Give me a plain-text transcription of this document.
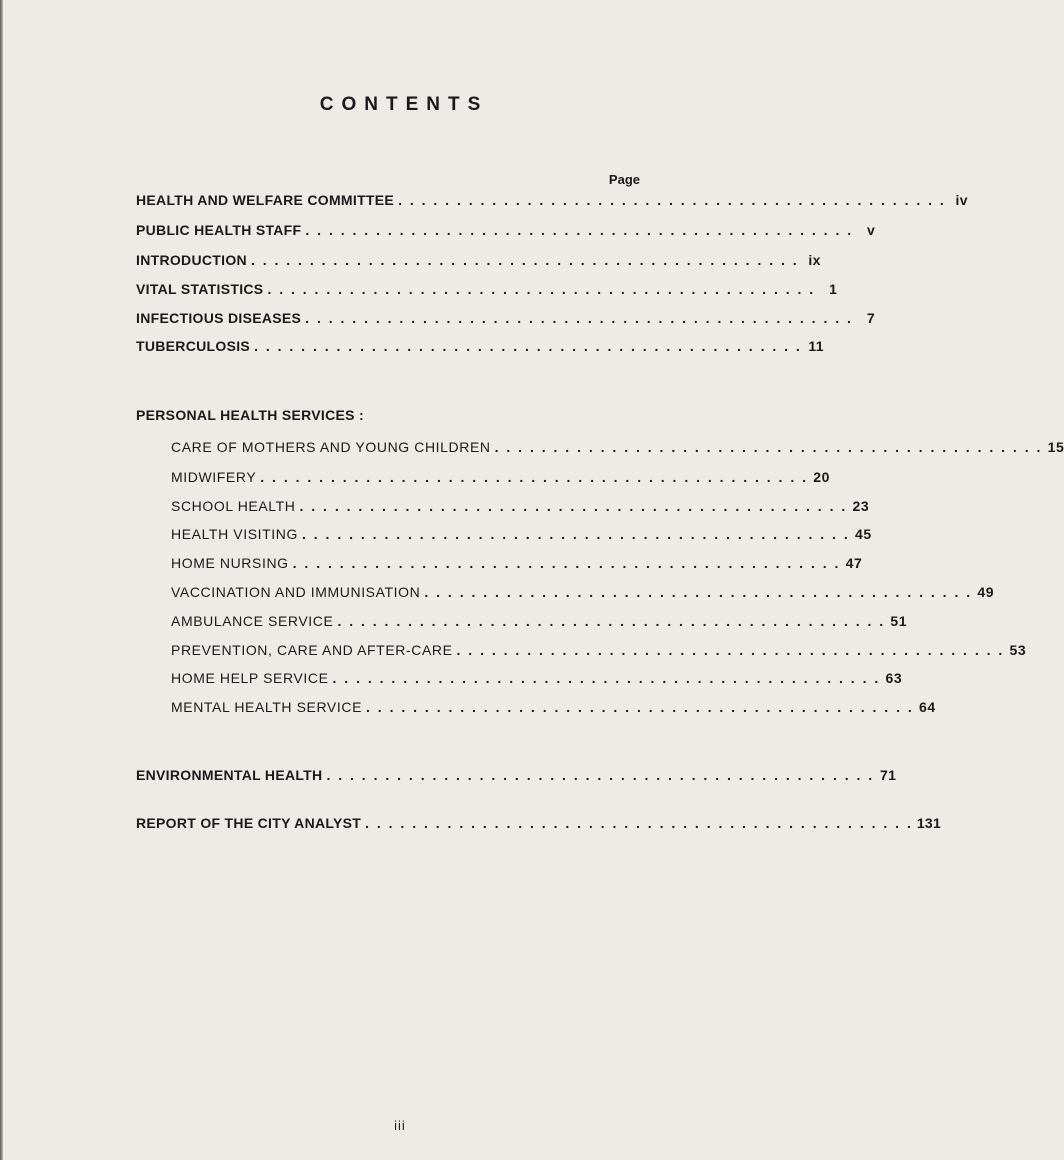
CONTENTS
Page
HEALTH AND WELFARE COMMITTEE . . . . . . . . . . . . . . . . . . . . . . . . . . . . . . . . . . . . . . . . . . . . . . . iv
PUBLIC HEALTH STAFF . . . . . . . . . . . . . . . . . . . . . . . . . . . . . . . . . . . . . . . . . . . . . . . v
INTRODUCTION . . . . . . . . . . . . . . . . . . . . . . . . . . . . . . . . . . . . . . . . . . . . . . . ix
VITAL STATISTICS . . . . . . . . . . . . . . . . . . . . . . . . . . . . . . . . . . . . . . . . . . . . . . . 1
INFECTIOUS DISEASES . . . . . . . . . . . . . . . . . . . . . . . . . . . . . . . . . . . . . . . . . . . . . . . 7
TUBERCULOSIS . . . . . . . . . . . . . . . . . . . . . . . . . . . . . . . . . . . . . . . . . . . . . . . 11
PERSONAL HEALTH SERVICES :
CARE OF MOTHERS AND YOUNG CHILDREN . . . . . . . . . . . . . . . . . . . . . . . . . . . . . . . . . . . . . . . . . . . . . . . 15
MIDWIFERY . . . . . . . . . . . . . . . . . . . . . . . . . . . . . . . . . . . . . . . . . . . . . . . 20
SCHOOL HEALTH . . . . . . . . . . . . . . . . . . . . . . . . . . . . . . . . . . . . . . . . . . . . . . . 23
HEALTH VISITING . . . . . . . . . . . . . . . . . . . . . . . . . . . . . . . . . . . . . . . . . . . . . . . 45
HOME NURSING . . . . . . . . . . . . . . . . . . . . . . . . . . . . . . . . . . . . . . . . . . . . . . . 47
VACCINATION AND IMMUNISATION . . . . . . . . . . . . . . . . . . . . . . . . . . . . . . . . . . . . . . . . . . . . . . . 49
AMBULANCE SERVICE . . . . . . . . . . . . . . . . . . . . . . . . . . . . . . . . . . . . . . . . . . . . . . . 51
PREVENTION, CARE AND AFTER-CARE . . . . . . . . . . . . . . . . . . . . . . . . . . . . . . . . . . . . . . . . . . . . . . . 53
HOME HELP SERVICE . . . . . . . . . . . . . . . . . . . . . . . . . . . . . . . . . . . . . . . . . . . . . . . 63
MENTAL HEALTH SERVICE . . . . . . . . . . . . . . . . . . . . . . . . . . . . . . . . . . . . . . . . . . . . . . . 64
ENVIRONMENTAL HEALTH . . . . . . . . . . . . . . . . . . . . . . . . . . . . . . . . . . . . . . . . . . . . . . . 71
REPORT OF THE CITY ANALYST . . . . . . . . . . . . . . . . . . . . . . . . . . . . . . . . . . . . . . . . . . . . . . . 131
iii
